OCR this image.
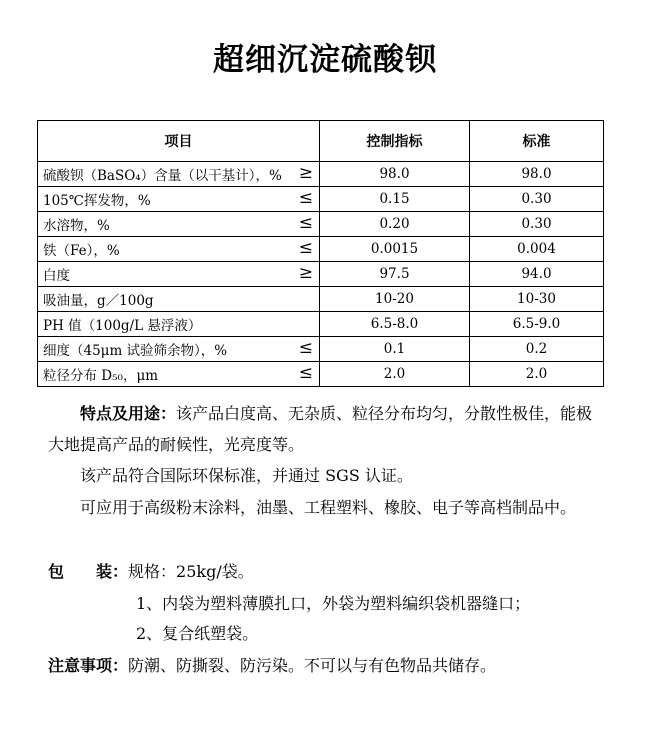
超细沉淀硫酸钡
项目	控制指标	标准
硫酸钡（BaSO₄）含量（以干基计），% ≥	98.0	98.0
105℃挥发物，% ≤	0.15	0.30
水溶物，% ≤	0.20	0.30
铁（Fe），% ≤	0.0015	0.004
白度 ≥	97.5	94.0
吸油量，g／100g	10-20	10-30
PH 值（100g/L 悬浮液）	6.5-8.0	6.5-9.0
细度（45μm 试验筛余物），% ≤	0.1	0.2
粒径分布 D₅₀，μm ≤	2.0	2.0

特点及用途：该产品白度高、无杂质、粒径分布均匀，分散性极佳，能极大地提高产品的耐候性，光亮度等。

该产品符合国际环保标准，并通过 SGS 认证。

可应用于高级粉末涂料，油墨、工程塑料、橡胶、电子等高档制品中。

包　　装：规格：25kg/袋。

1、内袋为塑料薄膜扎口，外袋为塑料编织袋机器缝口；

2、复合纸塑袋。

注意事项：防潮、防撕裂、防污染。不可以与有色物品共储存。
